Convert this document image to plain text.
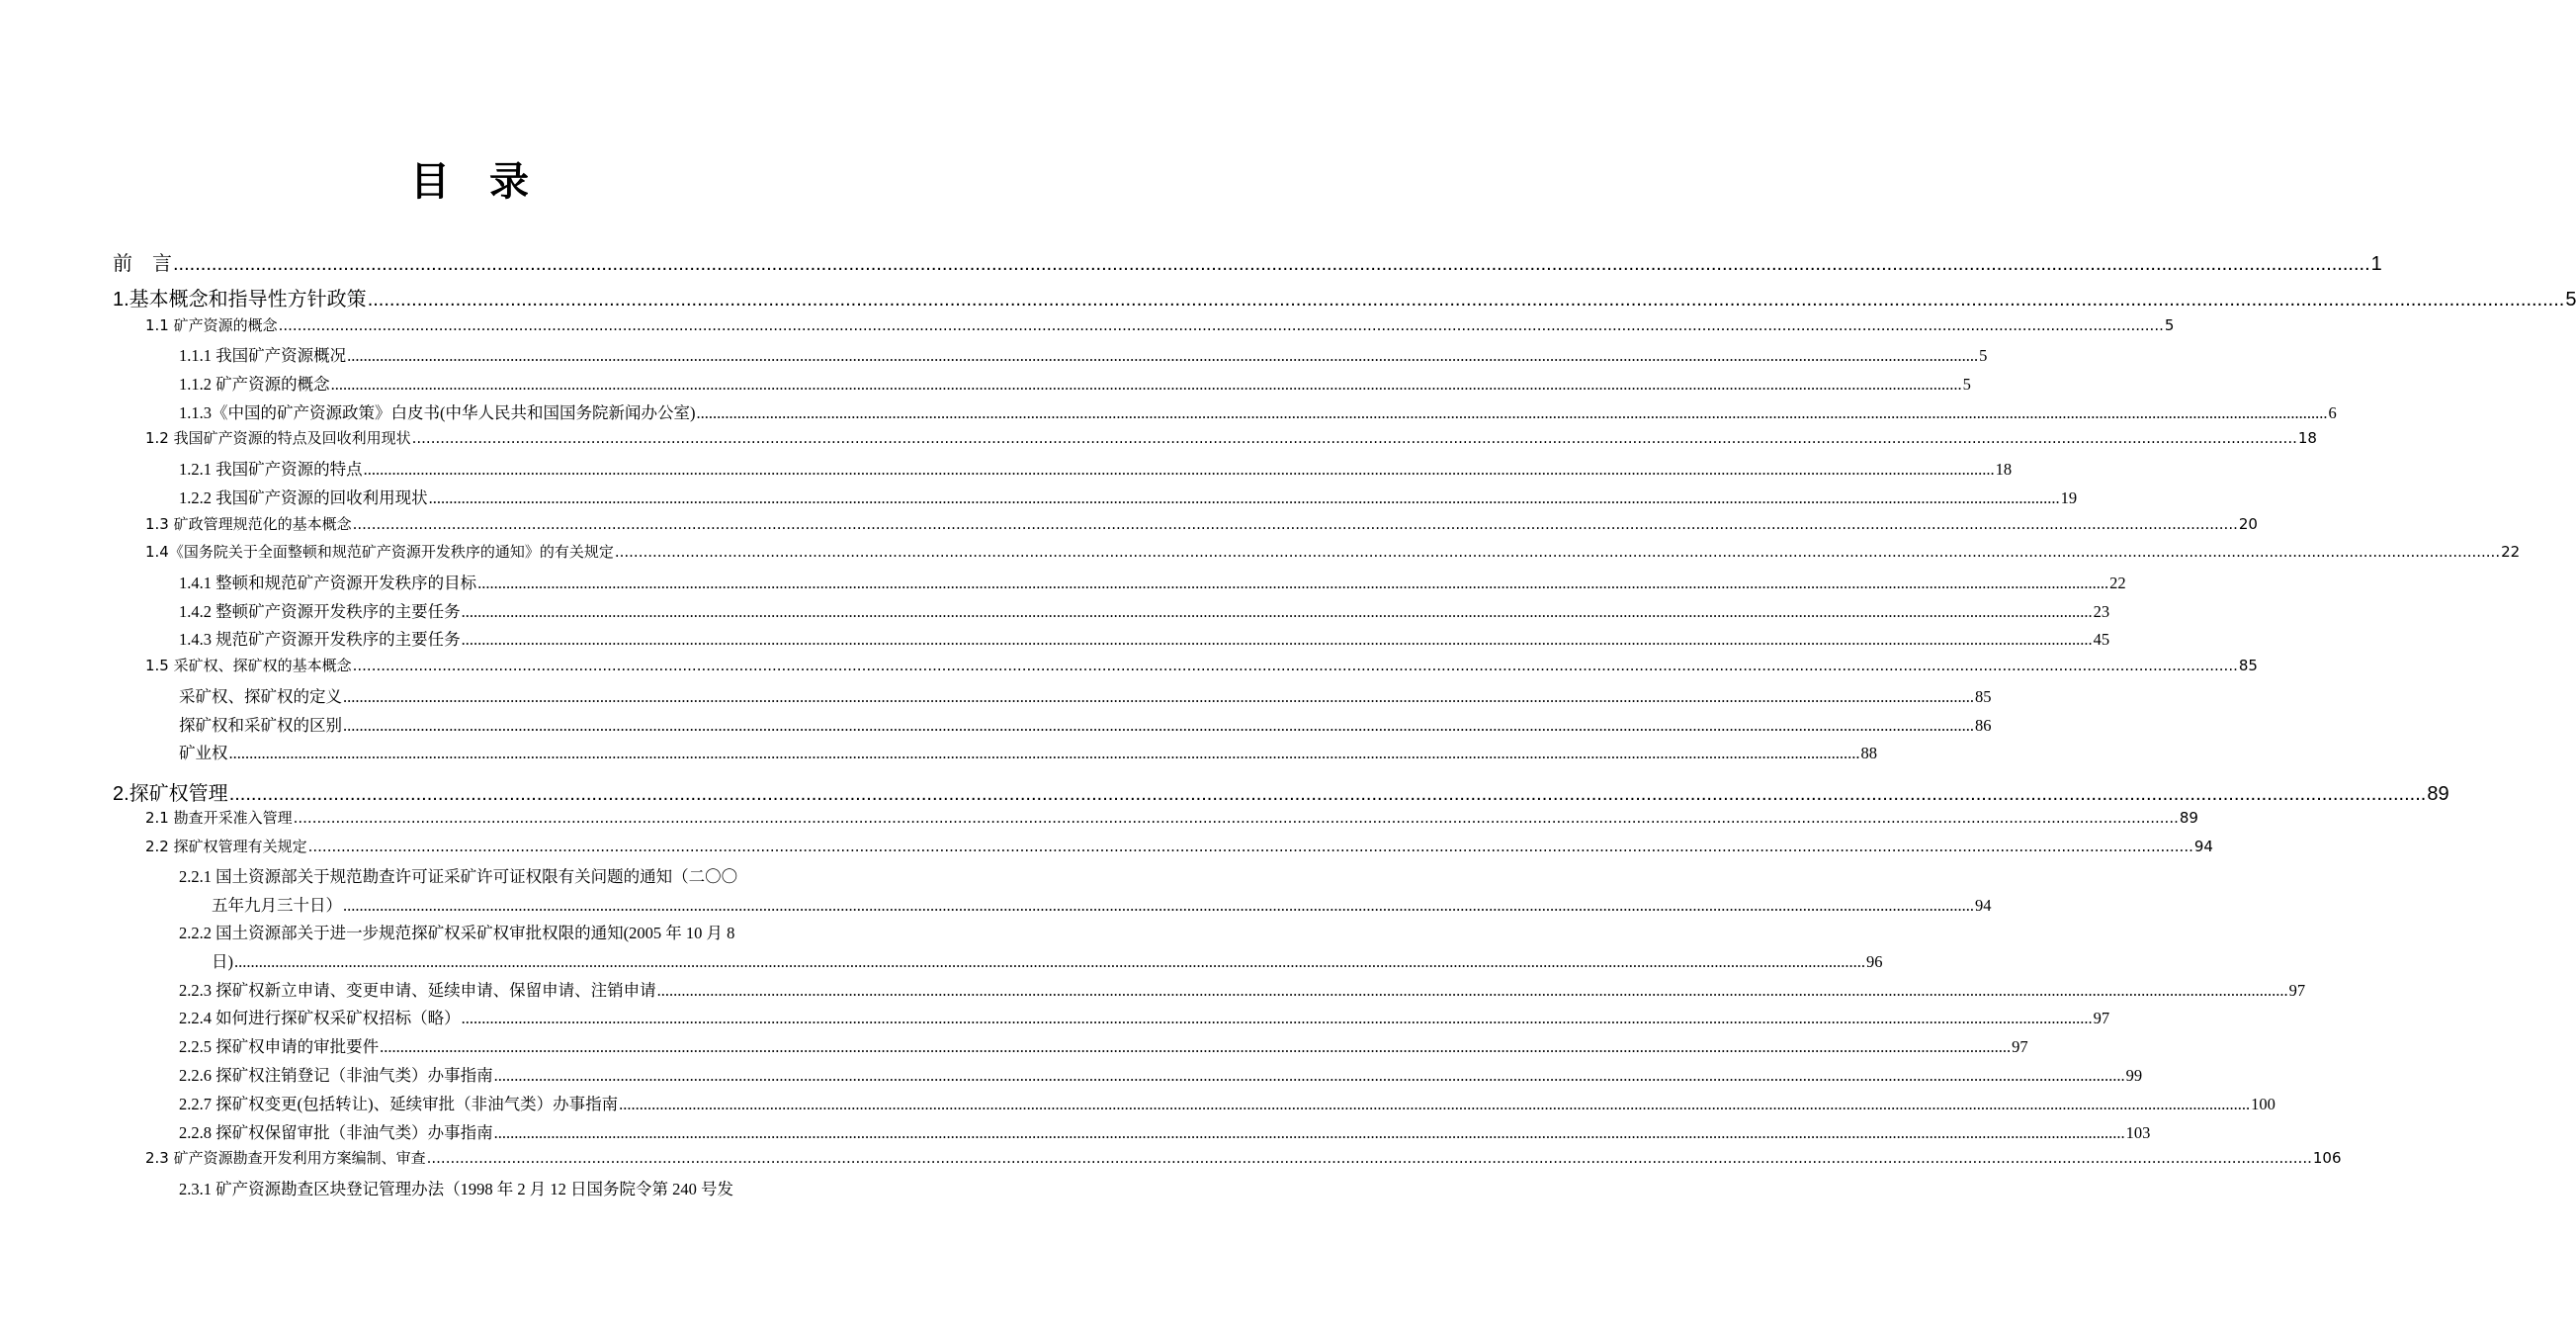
目　录
前　言 ................................................................................................................................................................................................................................................................................................................................................................................................................ 1
1.基本概念和指导性方针政策 ................................................................................................................................................................................................................................................................................................................................................................................................................ 5
1.1 矿产资源的概念 ................................................................................................................................................................................................................................................................................................................................................................................................................ 5
1.1.1 我国矿产资源概况 ................................................................................................................................................................................................................................................................................................................................................................................................................ 5
1.1.2 矿产资源的概念 ................................................................................................................................................................................................................................................................................................................................................................................................................ 5
1.1.3《中国的矿产资源政策》白皮书(中华人民共和国国务院新闻办公室) ................................................................................................................................................................................................................................................................................................................................................................................................................ 6
1.2 我国矿产资源的特点及回收利用现状 ................................................................................................................................................................................................................................................................................................................................................................................................................ 18
1.2.1 我国矿产资源的特点 ................................................................................................................................................................................................................................................................................................................................................................................................................ 18
1.2.2 我国矿产资源的回收利用现状 ................................................................................................................................................................................................................................................................................................................................................................................................................ 19
1.3 矿政管理规范化的基本概念 ................................................................................................................................................................................................................................................................................................................................................................................................................ 20
1.4《国务院关于全面整顿和规范矿产资源开发秩序的通知》的有关规定 ................................................................................................................................................................................................................................................................................................................................................................................................................ 22
1.4.1 整顿和规范矿产资源开发秩序的目标 ................................................................................................................................................................................................................................................................................................................................................................................................................ 22
1.4.2 整顿矿产资源开发秩序的主要任务 ................................................................................................................................................................................................................................................................................................................................................................................................................ 23
1.4.3 规范矿产资源开发秩序的主要任务 ................................................................................................................................................................................................................................................................................................................................................................................................................ 45
1.5 采矿权、探矿权的基本概念 ................................................................................................................................................................................................................................................................................................................................................................................................................ 85
采矿权、探矿权的定义 ................................................................................................................................................................................................................................................................................................................................................................................................................ 85
探矿权和采矿权的区别 ................................................................................................................................................................................................................................................................................................................................................................................................................ 86
矿业权 ................................................................................................................................................................................................................................................................................................................................................................................................................ 88
2.探矿权管理 ................................................................................................................................................................................................................................................................................................................................................................................................................ 89
2.1 勘查开采准入管理 ................................................................................................................................................................................................................................................................................................................................................................................................................ 89
2.2 探矿权管理有关规定 ................................................................................................................................................................................................................................................................................................................................................................................................................ 94
2.2.1 国土资源部关于规范勘查许可证采矿许可证权限有关问题的通知（二〇〇
五年九月三十日） ................................................................................................................................................................................................................................................................................................................................................................................................................ 94
2.2.2 国土资源部关于进一步规范探矿权采矿权审批权限的通知(2005 年 10 月 8
日) ................................................................................................................................................................................................................................................................................................................................................................................................................ 96
2.2.3 探矿权新立申请、变更申请、延续申请、保留申请、注销申请 ................................................................................................................................................................................................................................................................................................................................................................................................................ 97
2.2.4 如何进行探矿权采矿权招标（略） ................................................................................................................................................................................................................................................................................................................................................................................................................ 97
2.2.5 探矿权申请的审批要件 ................................................................................................................................................................................................................................................................................................................................................................................................................ 97
2.2.6 探矿权注销登记（非油气类）办事指南 ................................................................................................................................................................................................................................................................................................................................................................................................................ 99
2.2.7 探矿权变更(包括转让)、延续审批（非油气类）办事指南 ................................................................................................................................................................................................................................................................................................................................................................................................................ 100
2.2.8 探矿权保留审批（非油气类）办事指南 ................................................................................................................................................................................................................................................................................................................................................................................................................ 103
2.3 矿产资源勘查开发利用方案编制、审查 ................................................................................................................................................................................................................................................................................................................................................................................................................ 106
2.3.1 矿产资源勘查区块登记管理办法（1998 年 2 月 12 日国务院令第 240 号发
